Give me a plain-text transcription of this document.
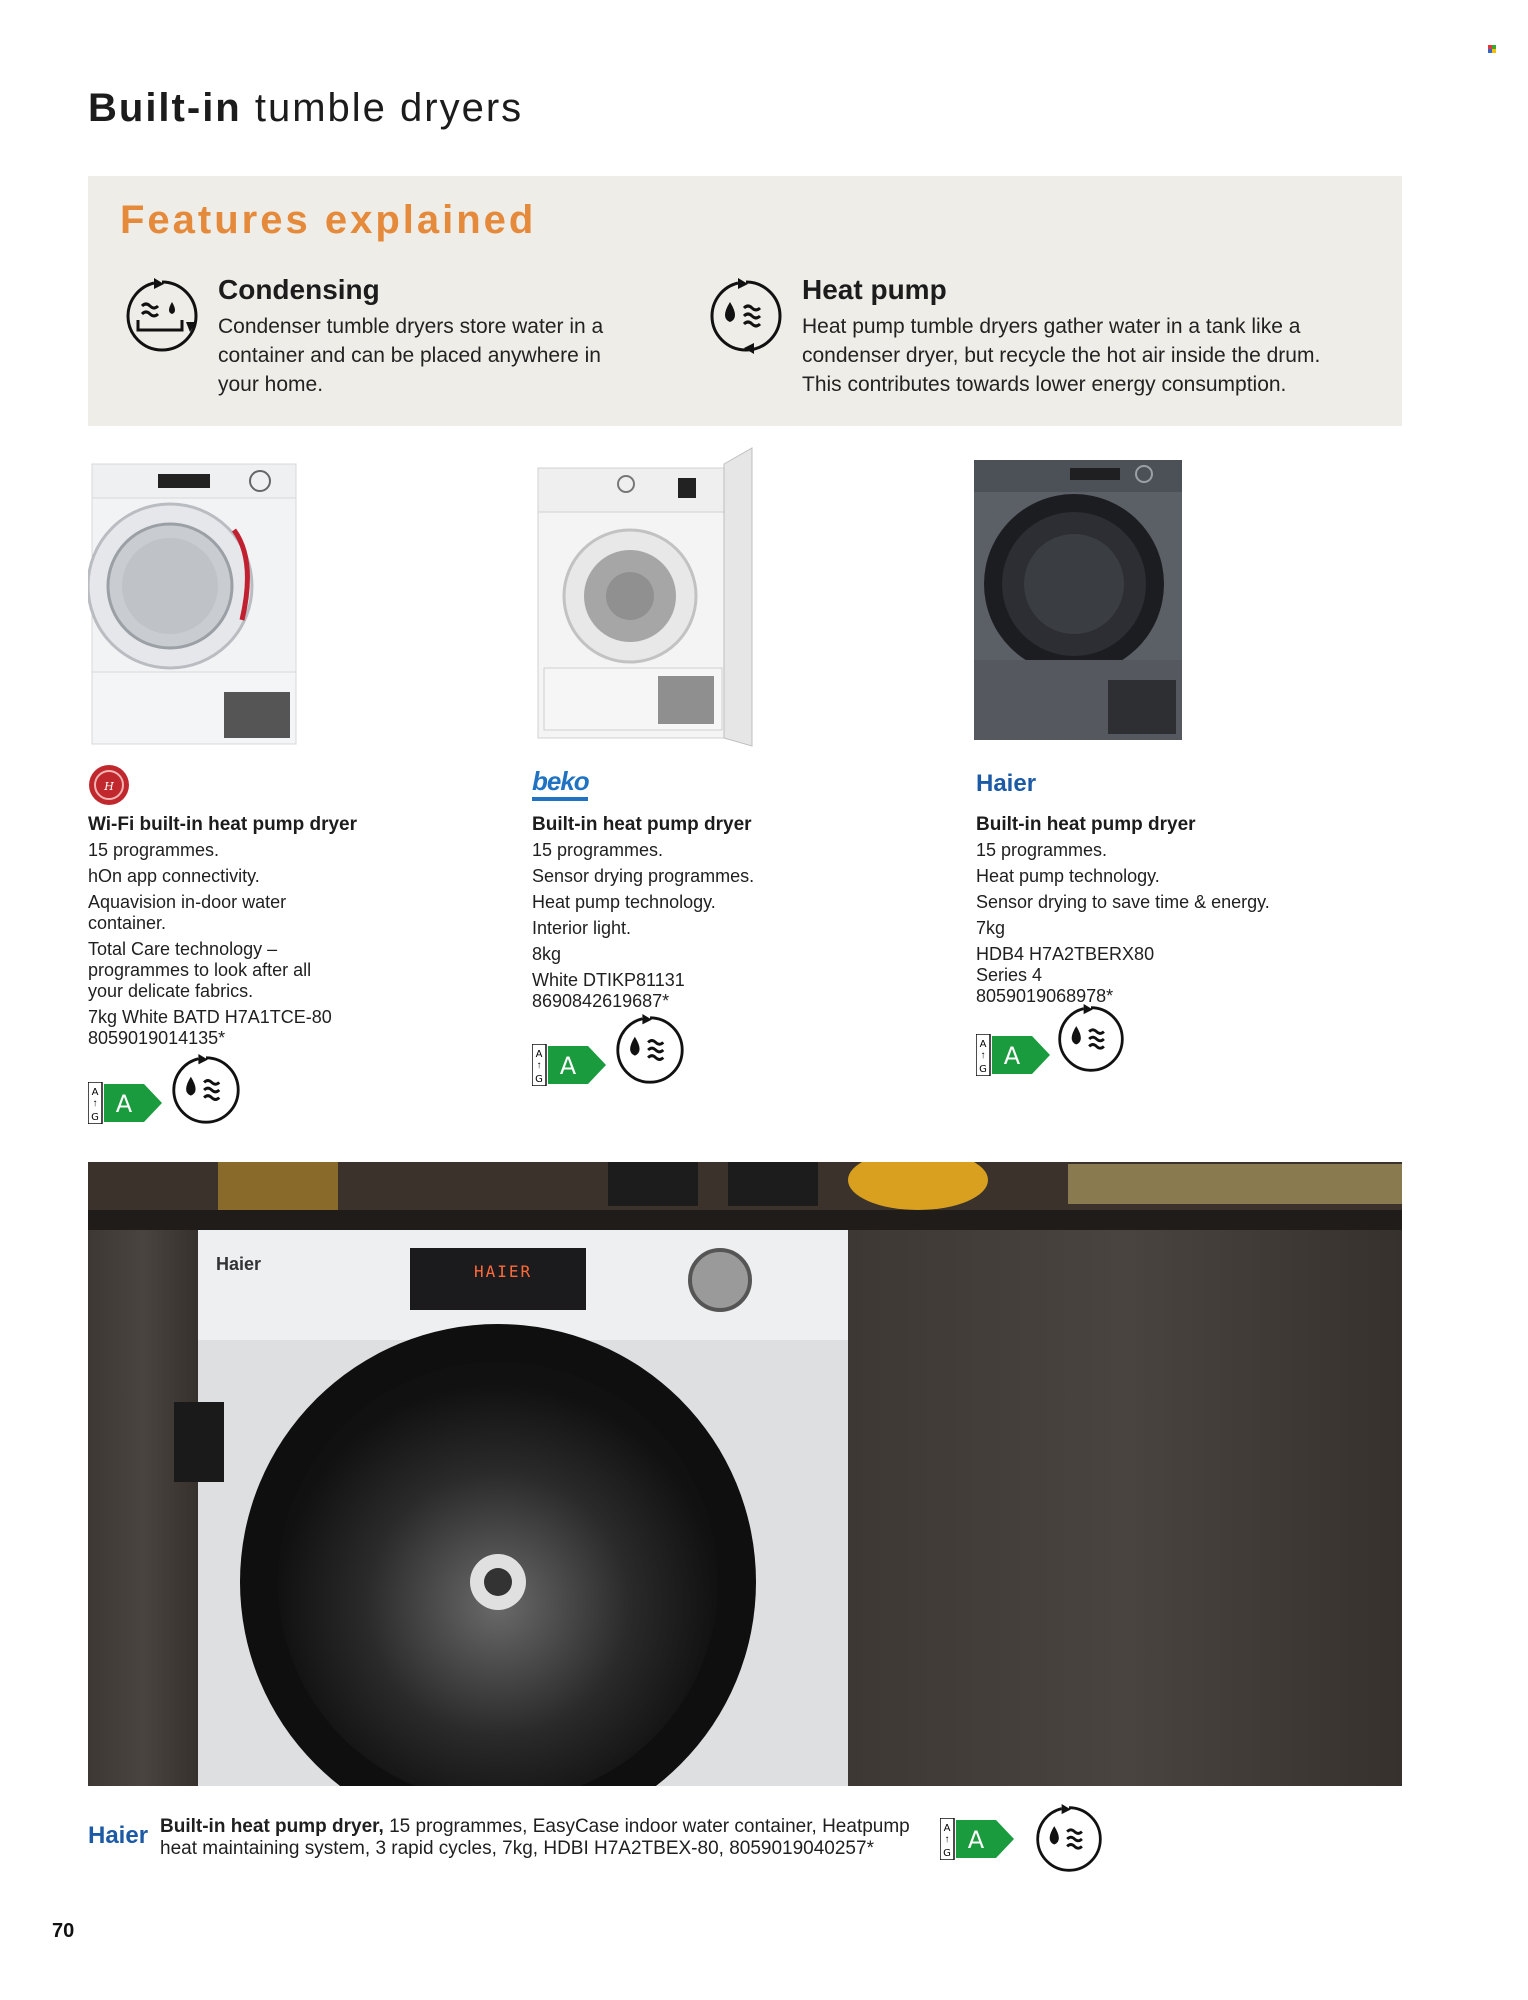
Built-in tumble dryers
Features explained
Condensing
Condenser tumble dryers store water in a
container and can be placed anywhere in
your home.
Heat pump
Heat pump tumble dryers gather water in a tank like a
condenser dryer, but recycle the hot air inside the drum.
This contributes towards lower energy consumption.
H
Wi-Fi built-in heat pump dryer
15 programmes.
hOn app connectivity.
Aquavision in-door water
container.
Total Care technology –
programmes to look after all
your delicate fabrics.
7kg White BATD H7A1TCE-80
8059019014135*
beko
Built-in heat pump dryer
15 programmes.
Sensor drying programmes.
Heat pump technology.
Interior light.
8kg
White DTIKP81131
8690842619687*
Haier
Built-in heat pump dryer
15 programmes.
Heat pump technology.
Sensor drying to save time & energy.
7kg
HDB4 H7A2TBERX80
Series 4
8059019068978*
A
↑
G A
A
↑
G A
A
↑
G A
Haier	HAIER
Haier Built-in heat pump dryer, 15 programmes, EasyCase indoor water container, Heatpump
heat maintaining system, 3 rapid cycles, 7kg, HDBI H7A2TBEX-80, 8059019040257*
A
↑
G A
70
